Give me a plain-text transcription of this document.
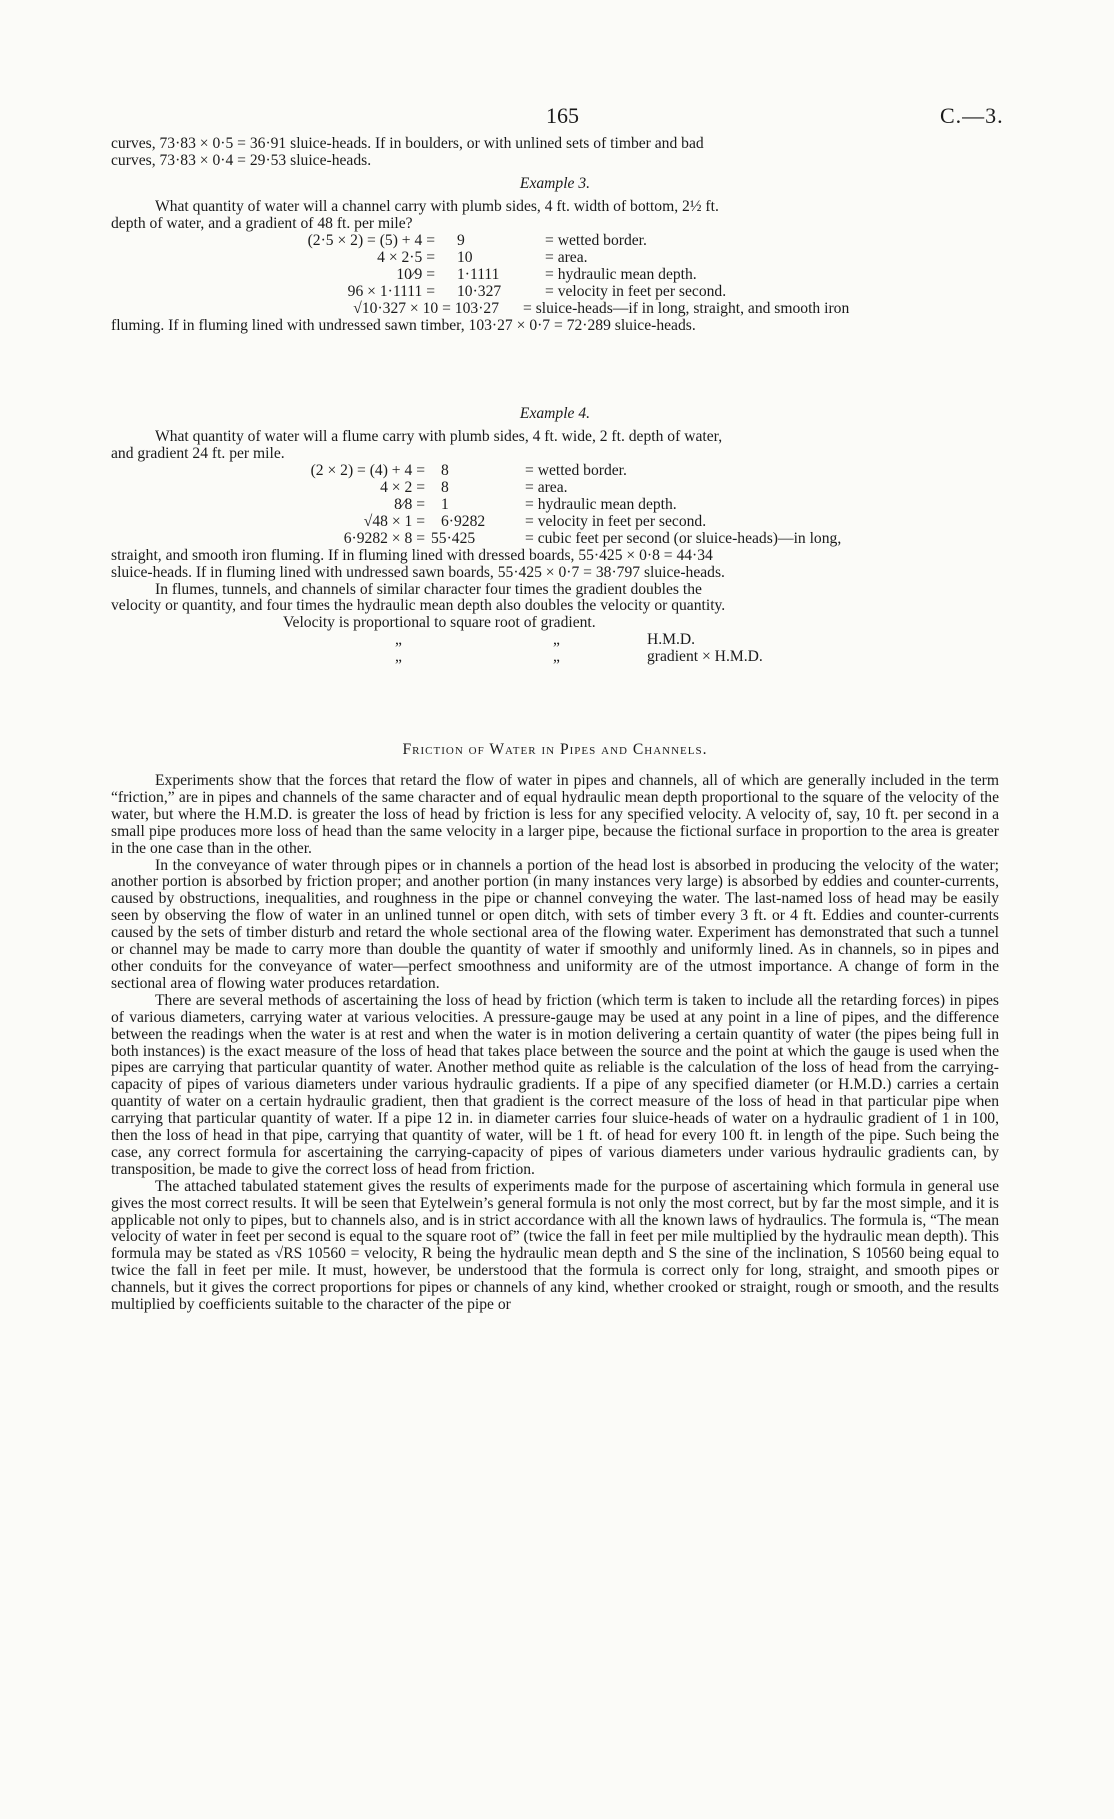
165	C.—3.

curves, 73·83 × 0·5 = 36·91 sluice-heads. If in boulders, or with unlined sets of timber and bad

curves, 73·83 × 0·4 = 29·53 sluice-heads.

Example 3.

What quantity of water will a channel carry with plumb sides, 4 ft. width of bottom, 2½ ft.

depth of water, and a gradient of 48 ft. per mile?

(2·5 × 2) = (5) + 4 = 9	= wetted border.
4 × 2·5 = 10	= area.
10⁄9 = 1·1111	= hydraulic mean depth.
96 × 1·1111 = 10·327	= velocity in feet per second.
√10·327 × 10 = 103·27 = sluice-heads—if in long, straight, and smooth iron

fluming. If in fluming lined with undressed sawn timber, 103·27 × 0·7 = 72·289 sluice-heads.

Example 4.

What quantity of water will a flume carry with plumb sides, 4 ft. wide, 2 ft. depth of water,

and gradient 24 ft. per mile.

(2 × 2) = (4) + 4 = 8	= wetted border.
4 × 2 = 8	= area.
8⁄8 = 1	= hydraulic mean depth.
√48 × 1 = 6·9282	= velocity in feet per second.
6·9282 × 8 = 55·425	= cubic feet per second (or sluice-heads)—in long,

straight, and smooth iron fluming. If in fluming lined with dressed boards, 55·425 × 0·8 = 44·34

sluice-heads. If in fluming lined with undressed sawn boards, 55·425 × 0·7 = 38·797 sluice-heads.

In flumes, tunnels, and channels of similar character four times the gradient doubles the

velocity or quantity, and four times the hydraulic mean depth also doubles the velocity or quantity.

Velocity is proportional to square root of gradient.
„	„	H.M.D.
„	„	gradient × H.M.D.

Friction of Water in Pipes and Channels.

Experiments show that the forces that retard the flow of water in pipes and channels, all of which are generally included in the term “friction,” are in pipes and channels of the same character and of equal hydraulic mean depth proportional to the square of the velocity of the water, but where the H.M.D. is greater the loss of head by friction is less for any specified velocity. A velocity of, say, 10 ft. per second in a small pipe produces more loss of head than the same velocity in a larger pipe, because the fictional surface in proportion to the area is greater in the one case than in the other.

In the conveyance of water through pipes or in channels a portion of the head lost is absorbed in producing the velocity of the water; another portion is absorbed by friction proper; and another portion (in many instances very large) is absorbed by eddies and counter-currents, caused by obstructions, inequalities, and roughness in the pipe or channel conveying the water. The last-named loss of head may be easily seen by observing the flow of water in an unlined tunnel or open ditch, with sets of timber every 3 ft. or 4 ft. Eddies and counter-currents caused by the sets of timber disturb and retard the whole sectional area of the flowing water. Experiment has demonstrated that such a tunnel or channel may be made to carry more than double the quantity of water if smoothly and uniformly lined. As in channels, so in pipes and other conduits for the conveyance of water—perfect smoothness and uniformity are of the utmost importance. A change of form in the sectional area of flowing water produces retardation.

There are several methods of ascertaining the loss of head by friction (which term is taken to include all the retarding forces) in pipes of various diameters, carrying water at various velocities. A pressure-gauge may be used at any point in a line of pipes, and the difference between the readings when the water is at rest and when the water is in motion delivering a certain quantity of water (the pipes being full in both instances) is the exact measure of the loss of head that takes place between the source and the point at which the gauge is used when the pipes are carrying that particular quantity of water. Another method quite as reliable is the calculation of the loss of head from the carrying-capacity of pipes of various diameters under various hydraulic gradients. If a pipe of any specified diameter (or H.M.D.) carries a certain quantity of water on a certain hydraulic gradient, then that gradient is the correct measure of the loss of head in that particular pipe when carrying that particular quantity of water. If a pipe 12 in. in diameter carries four sluice-heads of water on a hydraulic gradient of 1 in 100, then the loss of head in that pipe, carrying that quantity of water, will be 1 ft. of head for every 100 ft. in length of the pipe. Such being the case, any correct formula for ascertaining the carrying-capacity of pipes of various diameters under various hydraulic gradients can, by transposition, be made to give the correct loss of head from friction.

The attached tabulated statement gives the results of experiments made for the purpose of ascertaining which formula in general use gives the most correct results. It will be seen that Eytelwein’s general formula is not only the most correct, but by far the most simple, and it is applicable not only to pipes, but to channels also, and is in strict accordance with all the known laws of hydraulics. The formula is, “The mean velocity of water in feet per second is equal to the square root of” (twice the fall in feet per mile multiplied by the hydraulic mean depth). This formula may be stated as √RS 10560 = velocity, R being the hydraulic mean depth and S the sine of the inclination, S 10560 being equal to twice the fall in feet per mile. It must, however, be understood that the formula is correct only for long, straight, and smooth pipes or channels, but it gives the correct proportions for pipes or channels of any kind, whether crooked or straight, rough or smooth, and the results multiplied by coefficients suitable to the character of the pipe or
